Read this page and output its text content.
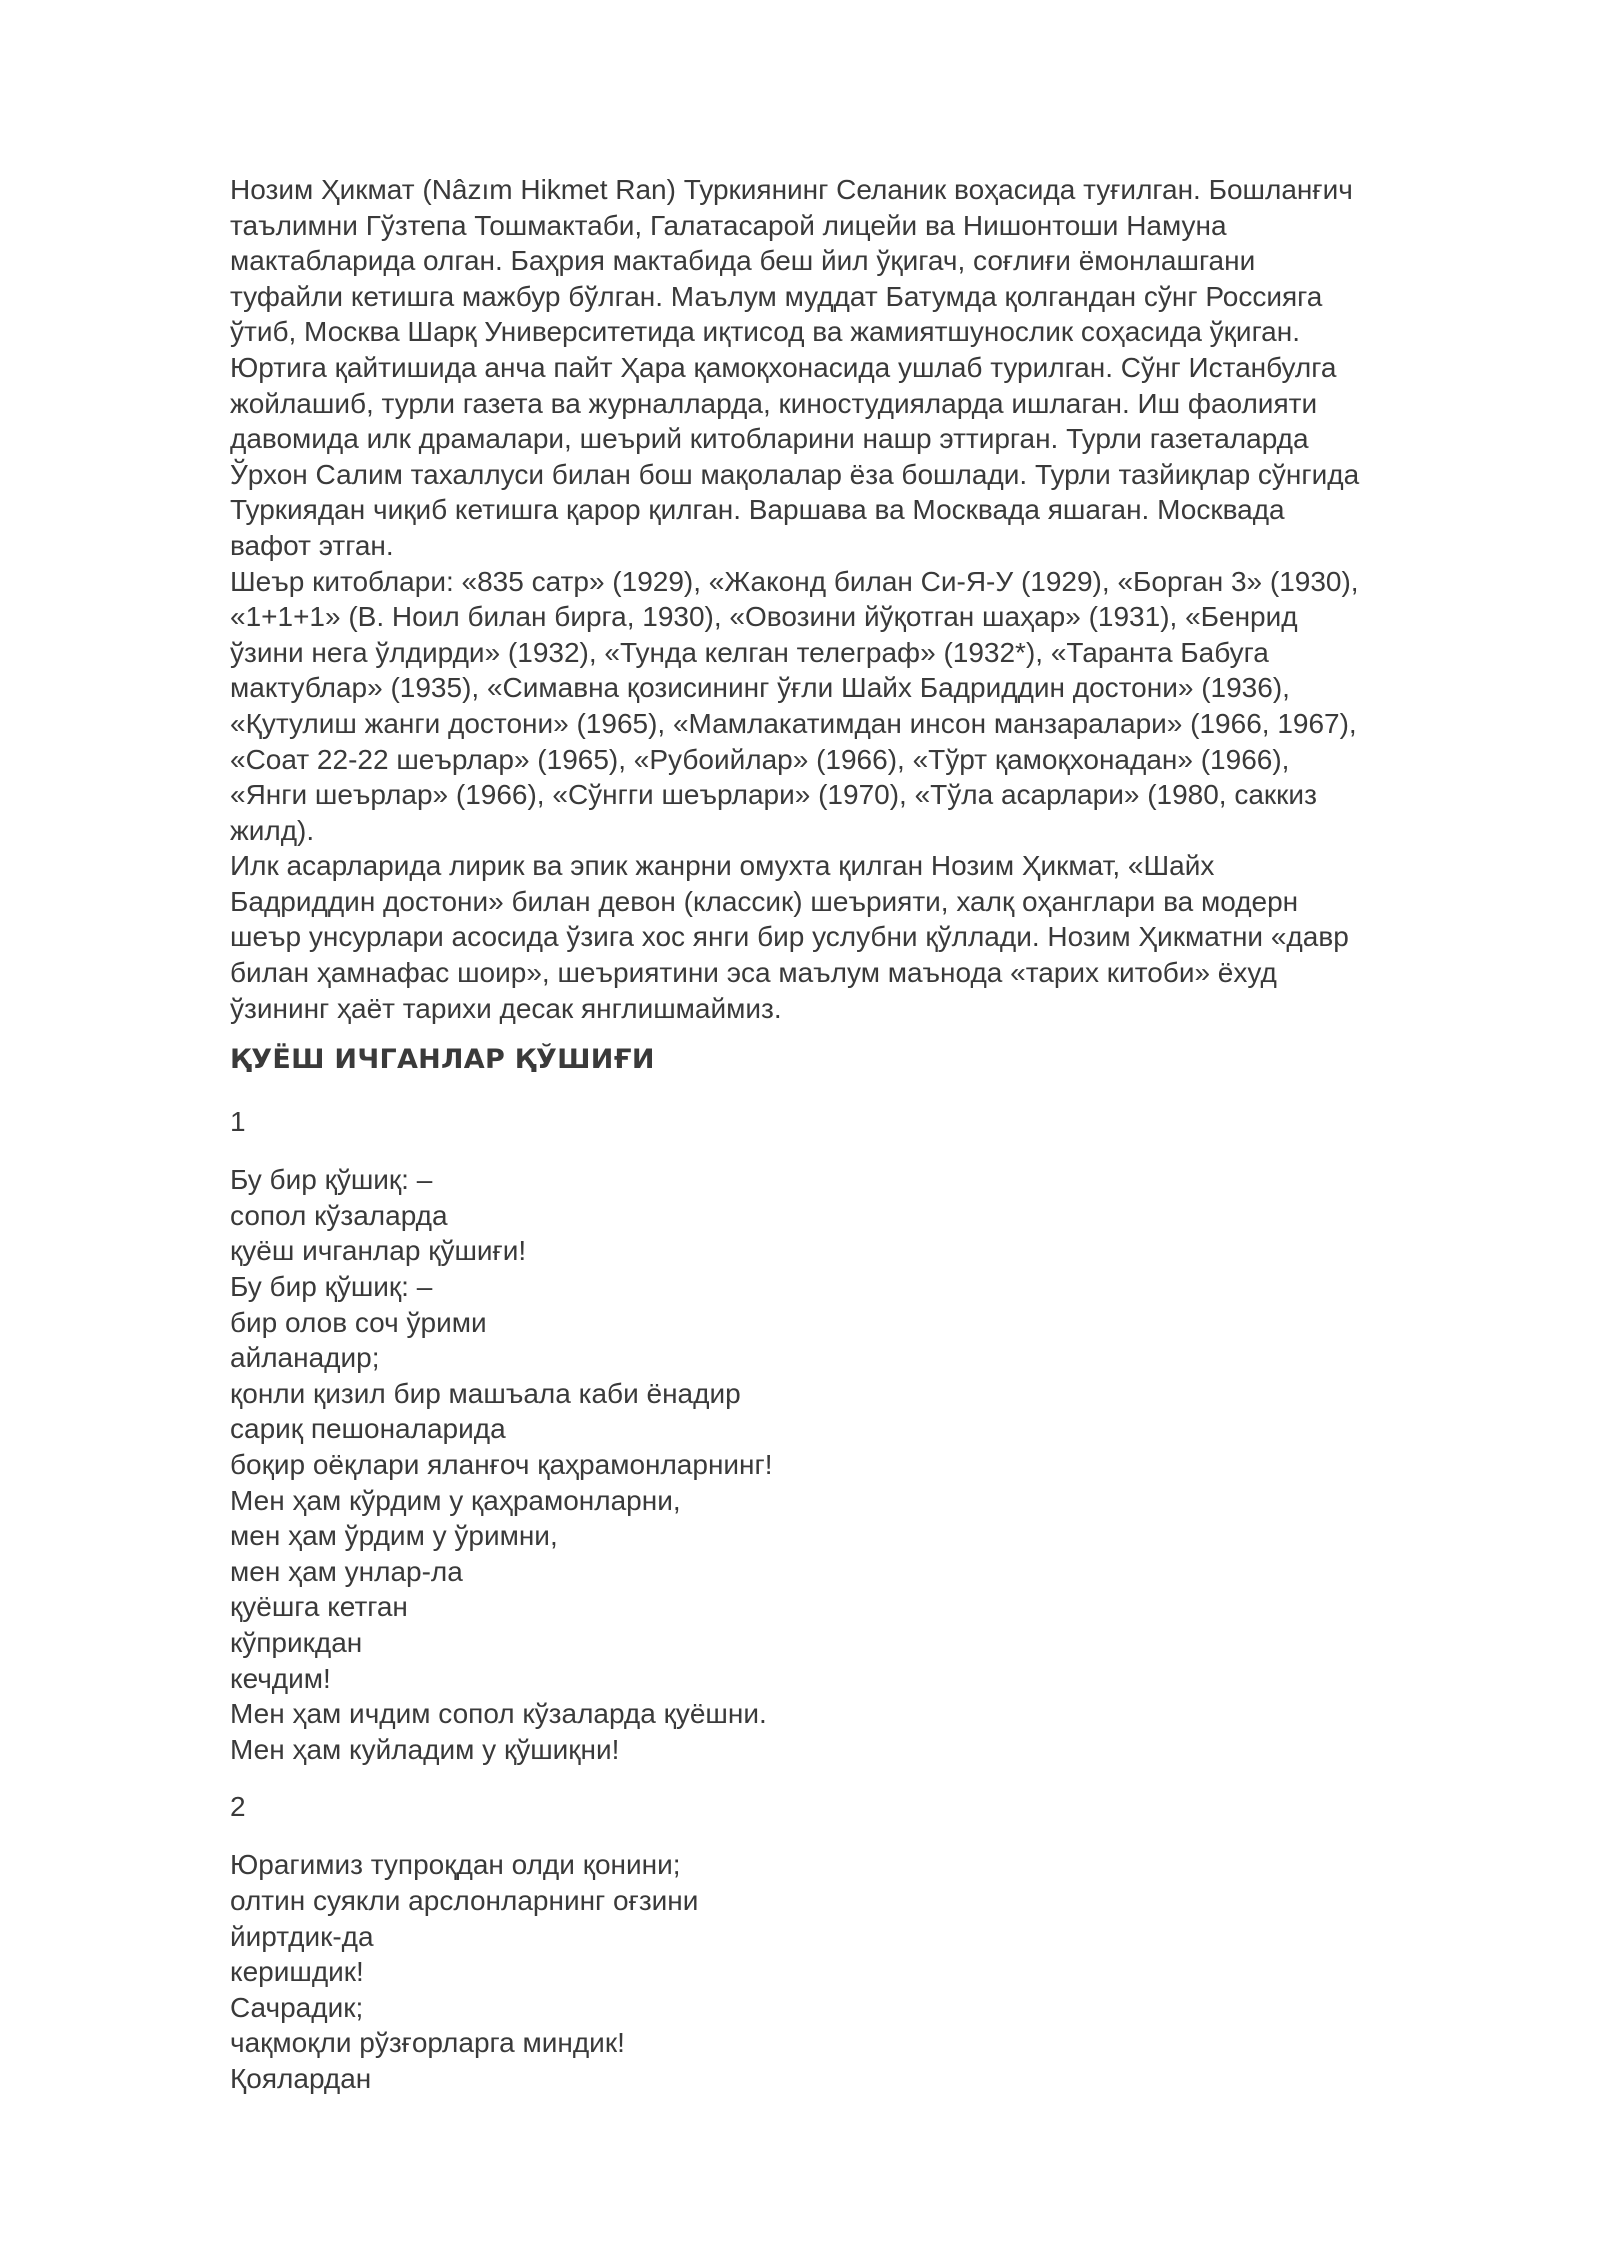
Нозим Ҳикмат (Nâzım Hikmet Ran) Туркиянинг Селаник воҳасида туғилган. Бошланғич
таълимни Гўзтепа Тошмактаби, Галатасарой лицейи ва Нишонтоши Намуна
мактабларида олган. Баҳрия мактабида беш йил ўқигач, соғлиғи ёмонлашгани
туфайли кетишга мажбур бўлган. Маълум муддат Батумда қолгандан сўнг Россияга
ўтиб, Москва Шарқ Университетида иқтисод ва жамиятшунослик соҳасида ўқиган.
Юртига қайтишида анча пайт Ҳара қамоқхонасида ушлаб турилган. Сўнг Истанбулга
жойлашиб, турли газета ва журналларда, киностудияларда ишлаган. Иш фаолияти
давомида илк драмалари, шеърий китобларини нашр эттирган. Турли газеталарда
Ўрхон Салим тахаллуси билан бош мақолалар ёза бошлади. Турли тазйиқлар сўнгида
Туркиядан чиқиб кетишга қарор қилган. Варшава ва Москвада яшаган. Москвада
вафот этган.

Шеър китоблари: «835 сатр» (1929), «Жаконд билан Си-Я-У (1929), «Борган 3» (1930),
«1+1+1» (В. Ноил билан бирга, 1930), «Овозини йўқотган шаҳар» (1931), «Бенрид
ўзини нега ўлдирди» (1932), «Тунда келган телеграф» (1932*), «Таранта Бабуга
мактублар» (1935), «Симавна қозисининг ўғли Шайх Бадриддин достони» (1936),
«Қутулиш жанги достони» (1965), «Мамлакатимдан инсон манзаралари» (1966, 1967),
«Соат 22-22 шеърлар» (1965), «Рубоийлар» (1966), «Тўрт қамоқхонадан» (1966),
«Янги шеърлар» (1966), «Сўнгги шеърлари» (1970), «Тўла асарлари» (1980, саккиз
жилд).

Илк асарларида лирик ва эпик жанрни омухта қилган Нозим Ҳикмат, «Шайх
Бадриддин достони» билан девон (классик) шеърияти, халқ оҳанглари ва модерн
шеър унсурлари асосида ўзига хос янги бир услубни қўллади. Нозим Ҳикматни «давр
билан ҳамнафас шоир», шеъриятини эса маълум маънода «тарих китоби» ёхуд
ўзининг ҳаёт тарихи десак янглишмаймиз.

ҚУЁШ ИЧГАНЛАР ҚЎШИҒИ
1
Бу бир қўшиқ: –
сопол кўзаларда
қуёш ичганлар қўшиғи!
Бу бир қўшиқ: –
бир олов соч ўрими
айланадир;
қонли қизил бир машъала каби ёнадир
сариқ пешоналарида
боқир оёқлари яланғоч қаҳрамонларнинг!
Мен ҳам кўрдим у қаҳрамонларни,
мен ҳам ўрдим у ўримни,
мен ҳам унлар-ла
қуёшга кетган
кўприкдан
кечдим!
Мен ҳам ичдим сопол кўзаларда қуёшни.
Мен ҳам куйладим у қўшиқни!
2
Юрагимиз тупроқдан олди қонини;
олтин суякли арслонларнинг оғзини
йиртдик-да
керишдик!
Сачрадик;
чақмоқли рўзғорларга миндик!
Қоялардан
